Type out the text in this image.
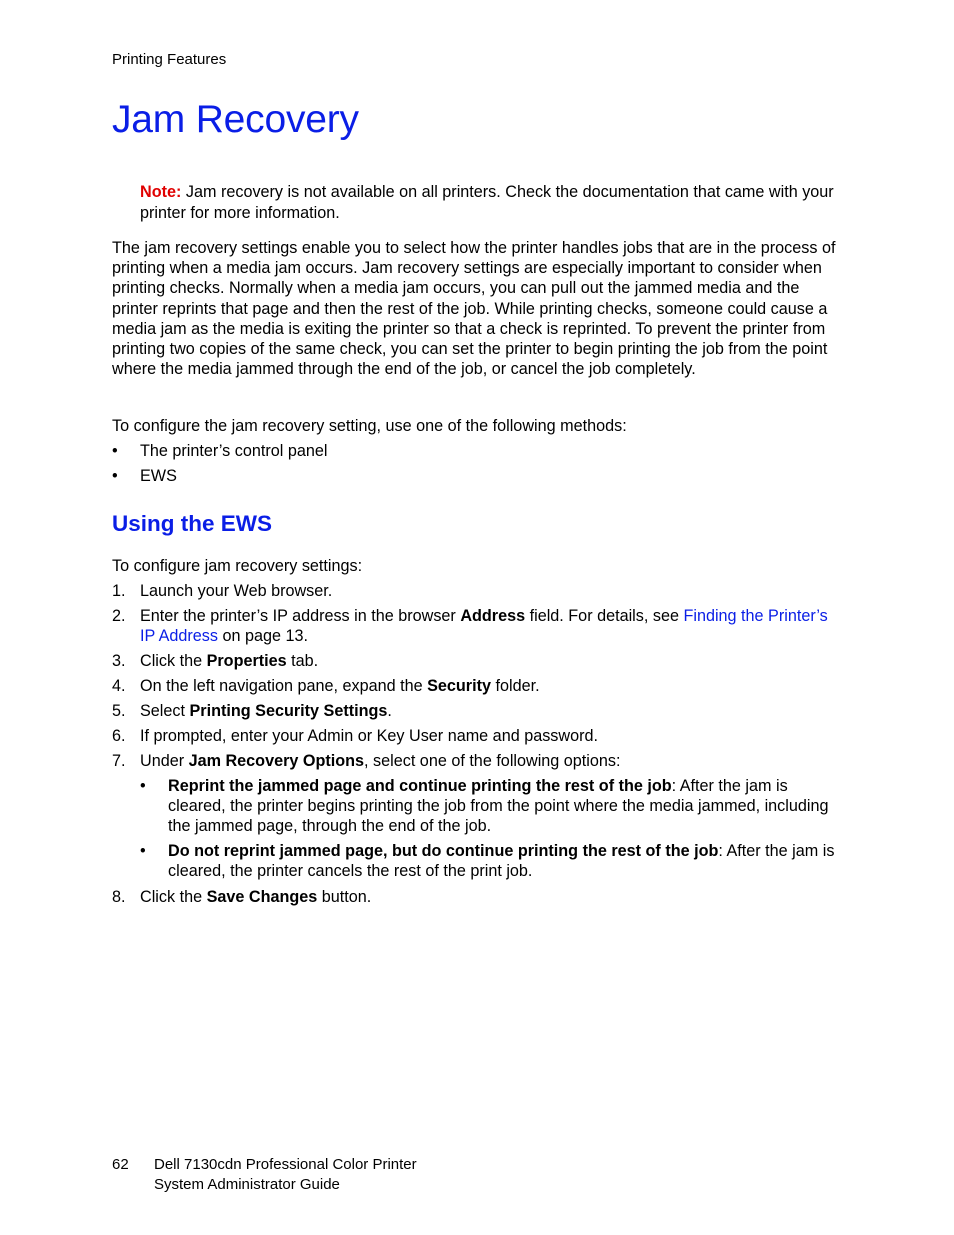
Printing Features
Jam Recovery
Note: Jam recovery is not available on all printers. Check the documentation that came with your printer for more information.

The jam recovery settings enable you to select how the printer handles jobs that are in the process of printing when a media jam occurs. Jam recovery settings are especially important to consider when printing checks. Normally when a media jam occurs, you can pull out the jammed media and the printer reprints that page and then the rest of the job. While printing checks, someone could cause a media jam as the media is exiting the printer so that a check is reprinted. To prevent the printer from printing two copies of the same check, you can set the printer to begin printing the job from the point where the media jammed through the end of the job, or cancel the job completely.

To configure the jam recovery setting, use one of the following methods:

• The printer’s control panel
• EWS
Using the EWS

To configure jam recovery settings:

1. Launch your Web browser.
2. Enter the printer’s IP address in the browser Address field. For details, see Finding the Printer’s IP Address on page 13.
3. Click the Properties tab.
4. On the left navigation pane, expand the Security folder.
5. Select Printing Security Settings.
6. If prompted, enter your Admin or Key User name and password.
7. Under Jam Recovery Options, select one of the following options:
• Reprint the jammed page and continue printing the rest of the job: After the jam is cleared, the printer begins printing the job from the point where the media jammed, including the jammed page, through the end of the job.
• Do not reprint jammed page, but do continue printing the rest of the job: After the jam is cleared, the printer cancels the rest of the print job.
8. Click the Save Changes button.
62 Dell 7130cdn Professional Color Printer
System Administrator Guide
